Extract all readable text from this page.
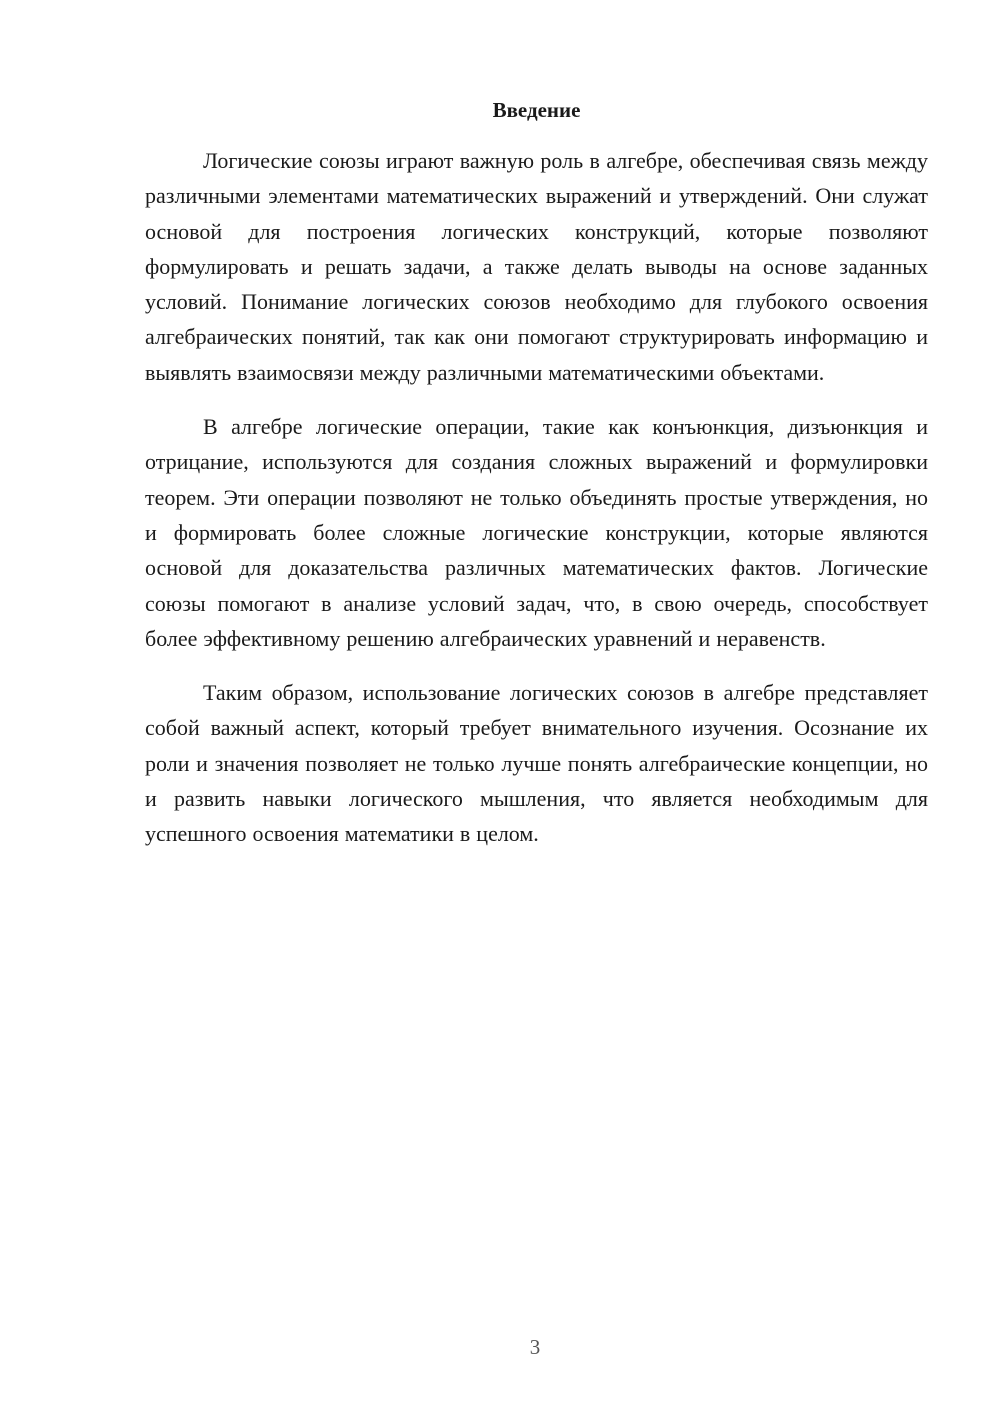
Введение

Логические союзы играют важную роль в алгебре, обеспечивая связь между различными элементами математических выражений и утверждений. Они служат основой для построения логических конструкций, которые позволяют формулировать и решать задачи, а также делать выводы на основе заданных условий. Понимание логических союзов необходимо для глубокого освоения алгебраических понятий, так как они помогают структурировать информацию и выявлять взаимосвязи между различными математическими объектами.

В алгебре логические операции, такие как конъюнкция, дизъюнкция и отрицание, используются для создания сложных выражений и формулировки теорем. Эти операции позволяют не только объединять простые утверждения, но и формировать более сложные логические конструкции, которые являются основой для доказательства различных математических фактов. Логические союзы помогают в анализе условий задач, что, в свою очередь, способствует более эффективному решению алгебраических уравнений и неравенств.

Таким образом, использование логических союзов в алгебре представляет собой важный аспект, который требует внимательного изучения. Осознание их роли и значения позволяет не только лучше понять алгебраические концепции, но и развить навыки логического мышления, что является необходимым для успешного освоения математики в целом.

3
